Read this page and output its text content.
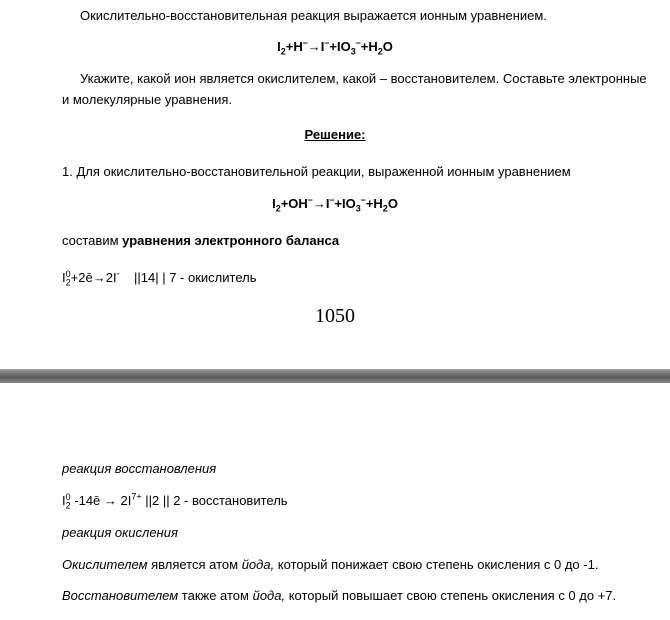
Окислительно-восстановительная реакция выражается ионным уравнением.
$I_2+H^-\to I^-+IO_3^-+H_2O$
Укажите, какой ион является окислителем, какой – восстановителем. Составьте электронные
и молекулярные уравнения.
Решение:
1. Для окислительно-восстановительной реакции, выраженной ионным уравнением
$I_2+OH^-\to I^-+IO_3^-+H_2O$
составим уравнения электронного баланса
$I_2^0+2ē\to 2I^-$    ||14| | 7 - окислитель
1050
реакция восстановления
$I_2^0$ -14ē → $2I^{7+}$ ||2 || 2 - восстановитель
реакция окисления
Окислителем является атом йода, который понижает свою степень окисления с 0 до -1.
Восстановителем также атом йода, который повышает свою степень окисления с 0 до +7.
